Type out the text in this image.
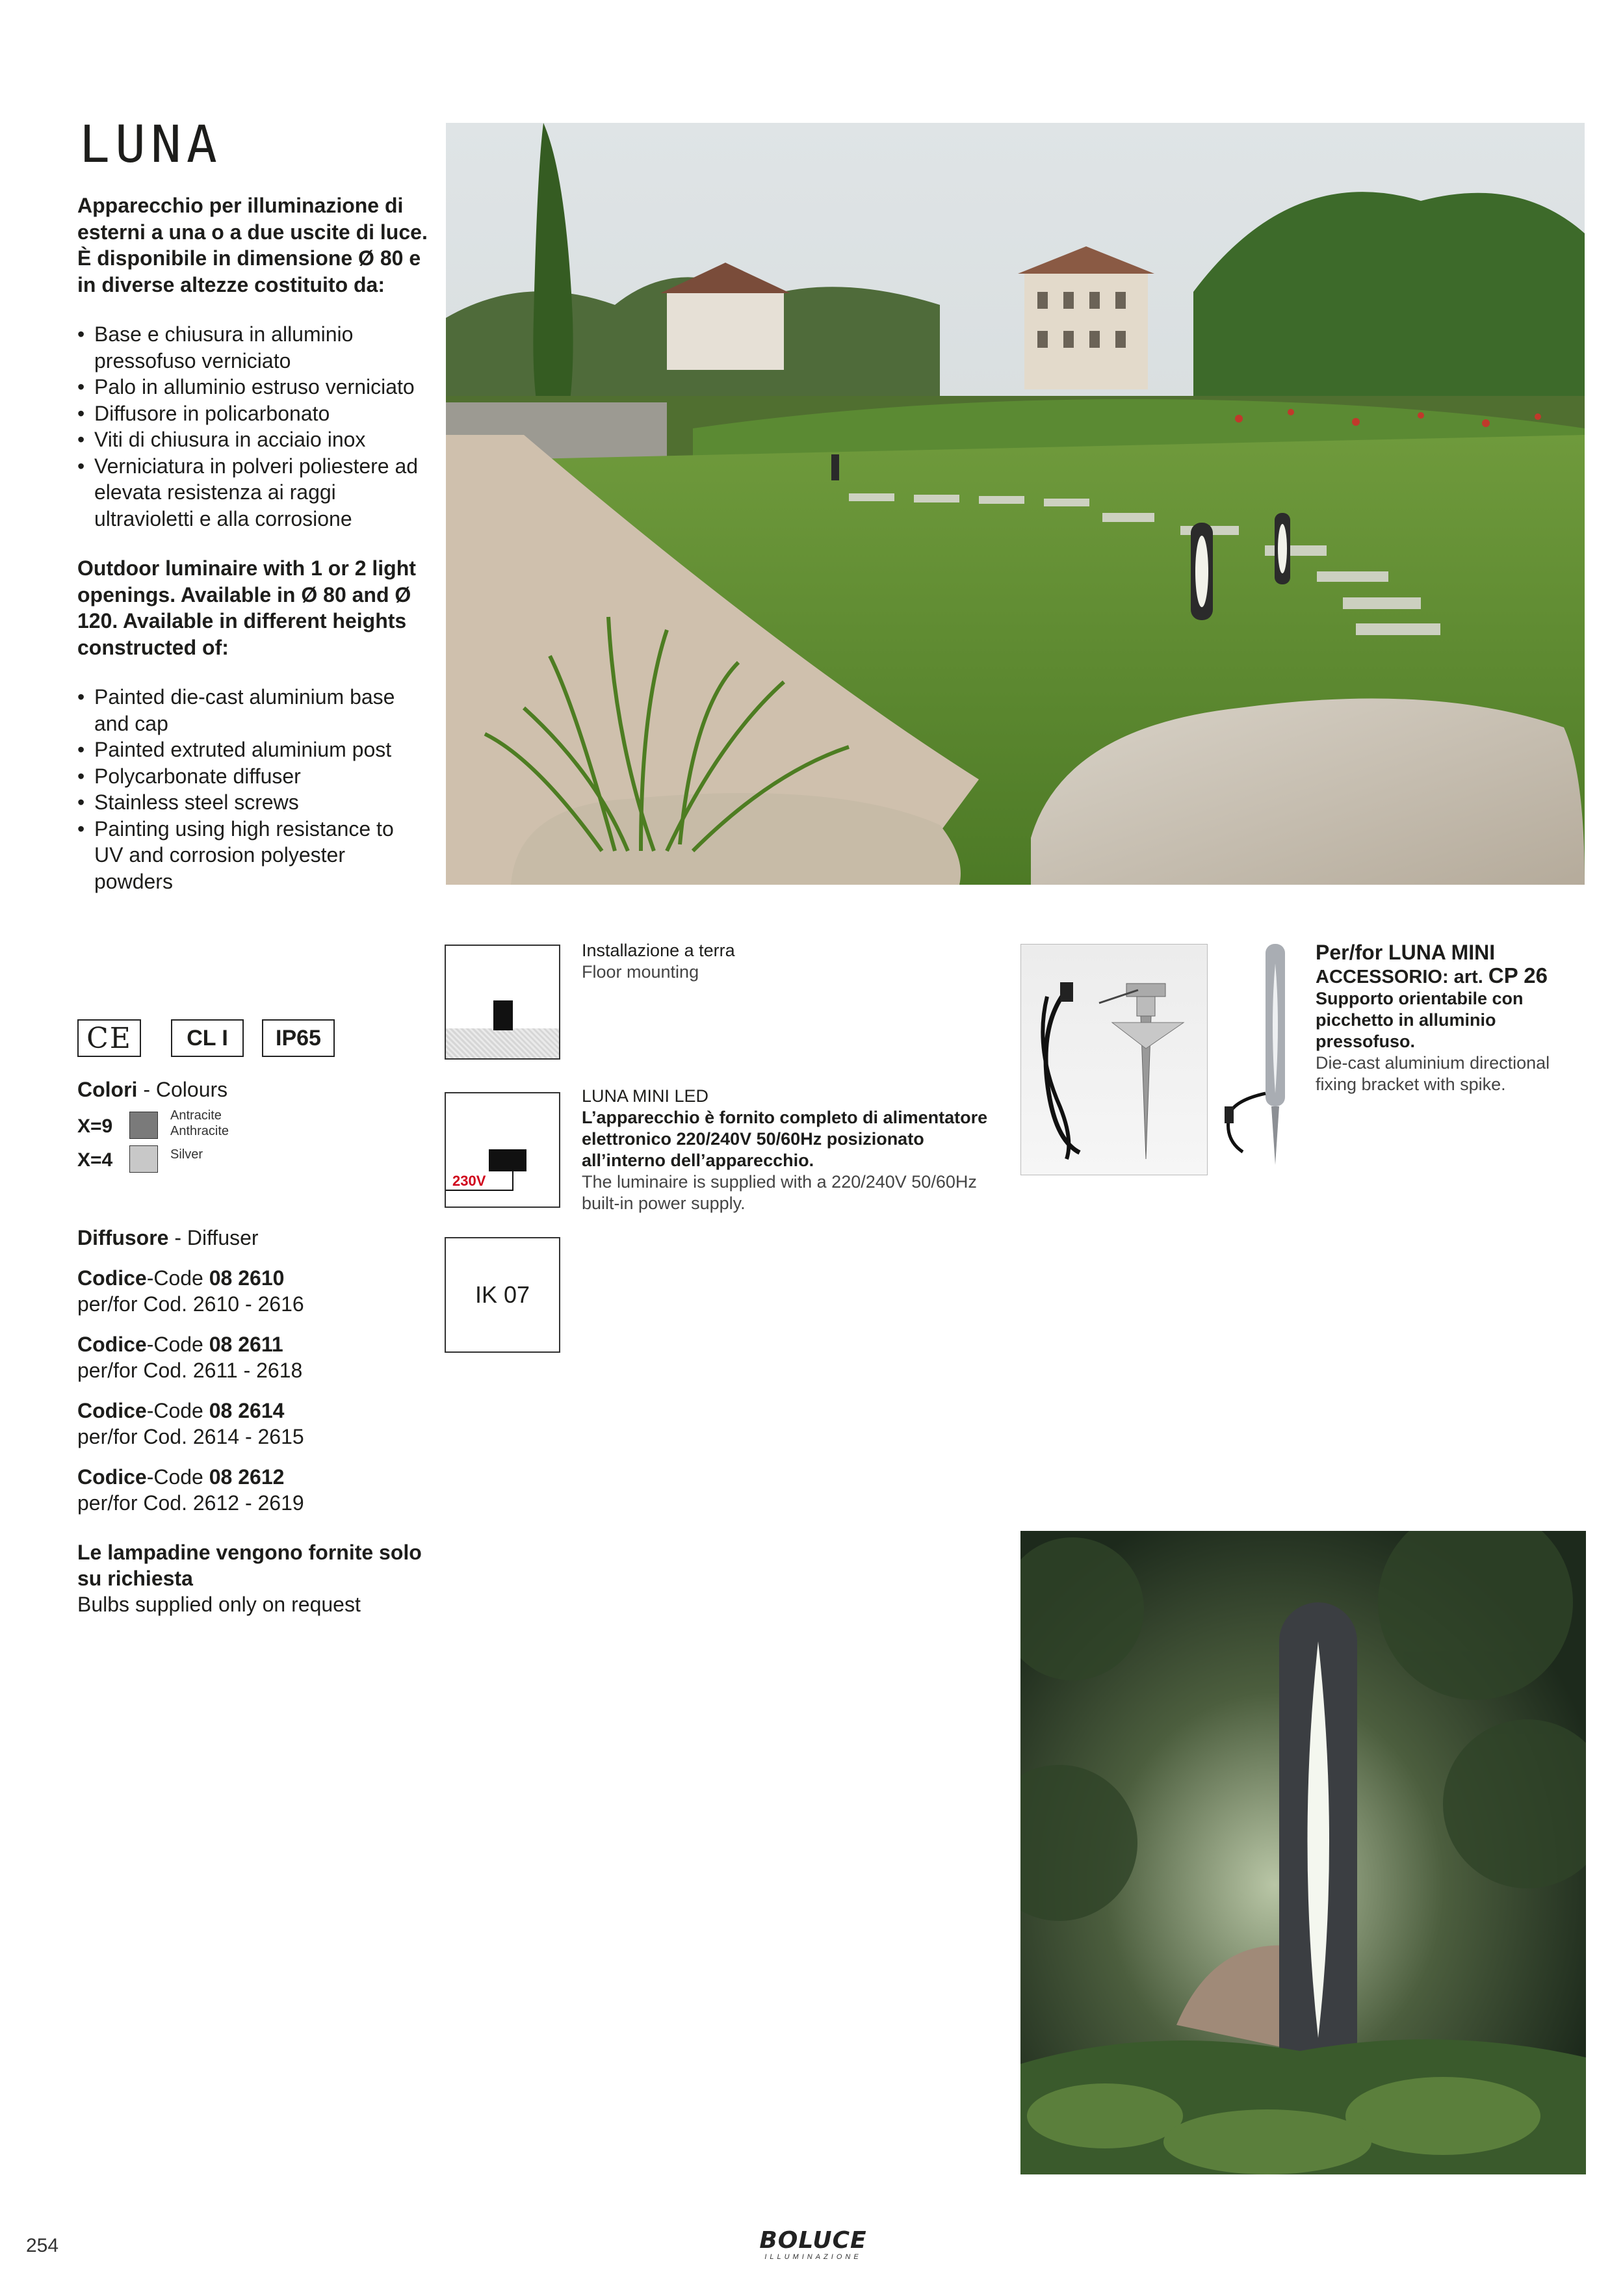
LUNA

Apparecchio per illuminazione di esterni a una o a due uscite di luce. È disponibile in dimensione Ø 80 e in diverse altezze costituito da:

• Base e chiusura in alluminio pressofuso verniciato
• Palo in alluminio estruso verniciato
• Diffusore in policarbonato
• Viti di chiusura in acciaio inox
• Verniciatura in polveri poliestere ad elevata resistenza ai raggi ultravioletti e alla corrosione

Outdoor luminaire with 1 or 2 light openings. Available in Ø 80 and Ø 120. Available in different heights constructed of:

• Painted die-cast aluminium base and cap
• Painted extruted aluminium post
• Polycarbonate diffuser
• Stainless steel screws
• Painting using high resistance to UV and corrosion polyester powders
CE	CL I	IP65
Colori - Colours
X=9	Antracite
Anthracite
X=4	Silver
Diffusore - Diffuser
Codice-Code 08 2610
per/for Cod. 2610 - 2616
Codice-Code 08 2611
per/for Cod. 2611 - 2618
Codice-Code 08 2614
per/for Cod. 2614 - 2615
Codice-Code 08 2612
per/for Cod. 2612 - 2619
Le lampadine vengono fornite solo su richiesta
Bulbs supplied only on request
Installazione a terra
Floor mounting
230V
LUNA MINI LED
L’apparecchio è fornito completo di alimentatore elettronico 220/240V 50/60Hz posizionato all’interno dell’apparecchio.
The luminaire is supplied with a 220/240V 50/60Hz built-in power supply.
IK 07
Per/for LUNA MINI
ACCESSORIO: art. CP 26
Supporto orientabile con picchetto in alluminio pressofuso.
Die-cast aluminium directional fixing bracket with spike.
254	BOLUCE
ILLUMINAZIONE
